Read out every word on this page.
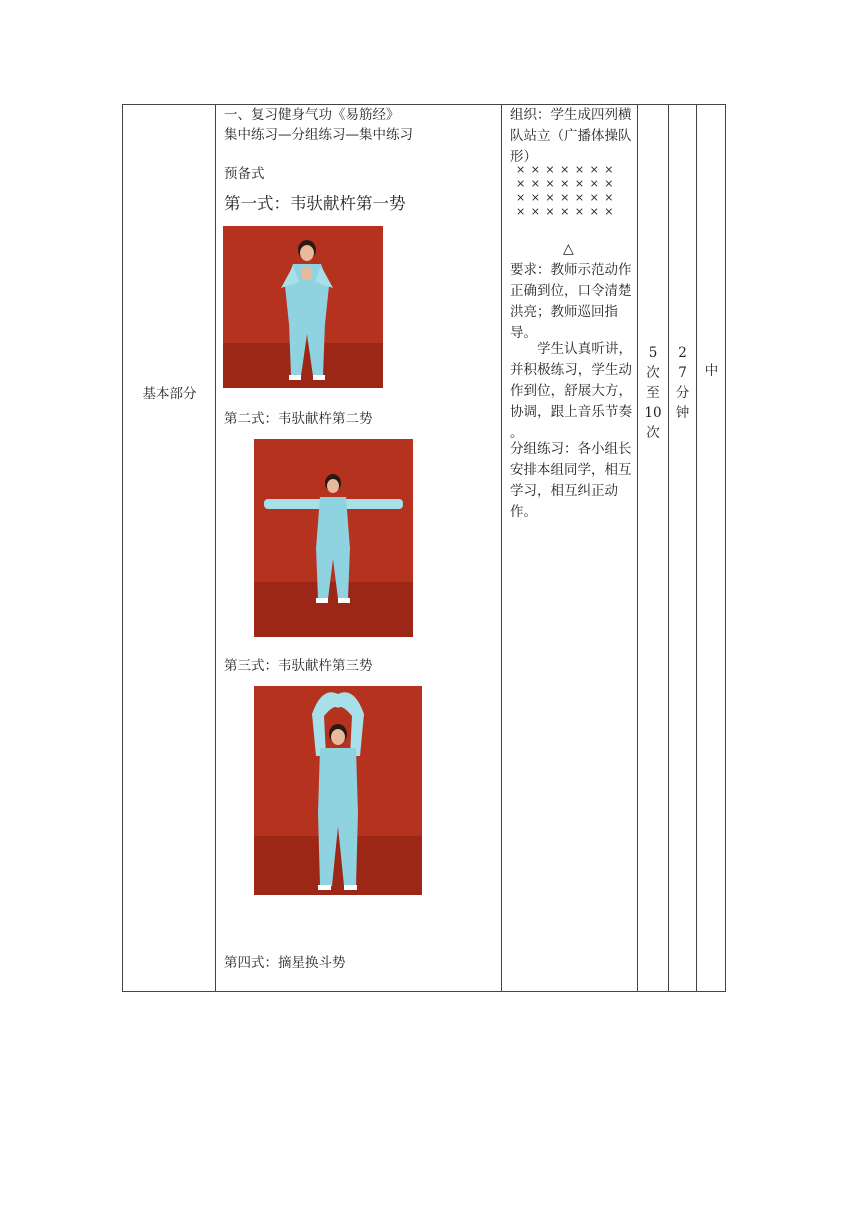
基本部分
一、复习健身气功《易筋经》
集中练习—分组练习—集中练习
预备式
第一式：韦驮献杵第一势
第二式：韦驮献杵第二势
第三式：韦驮献杵第三势
第四式：摘星换斗势
组织：学生成四列横队站立（广播体操队形）
× × × × × × ×
× × × × × × ×
× × × × × × ×
× × × × × × ×
△
要求：教师示范动作正确到位，口令清楚洪亮；教师巡回指导。
学生认真听讲，并积极练习，学生动作到位，舒展大方，协调，跟上音乐节奏 。
分组练习：各小组长安排本组同学，相互学习，相互纠正动作。
5
次
至
10
次
2
7
分
钟
中
